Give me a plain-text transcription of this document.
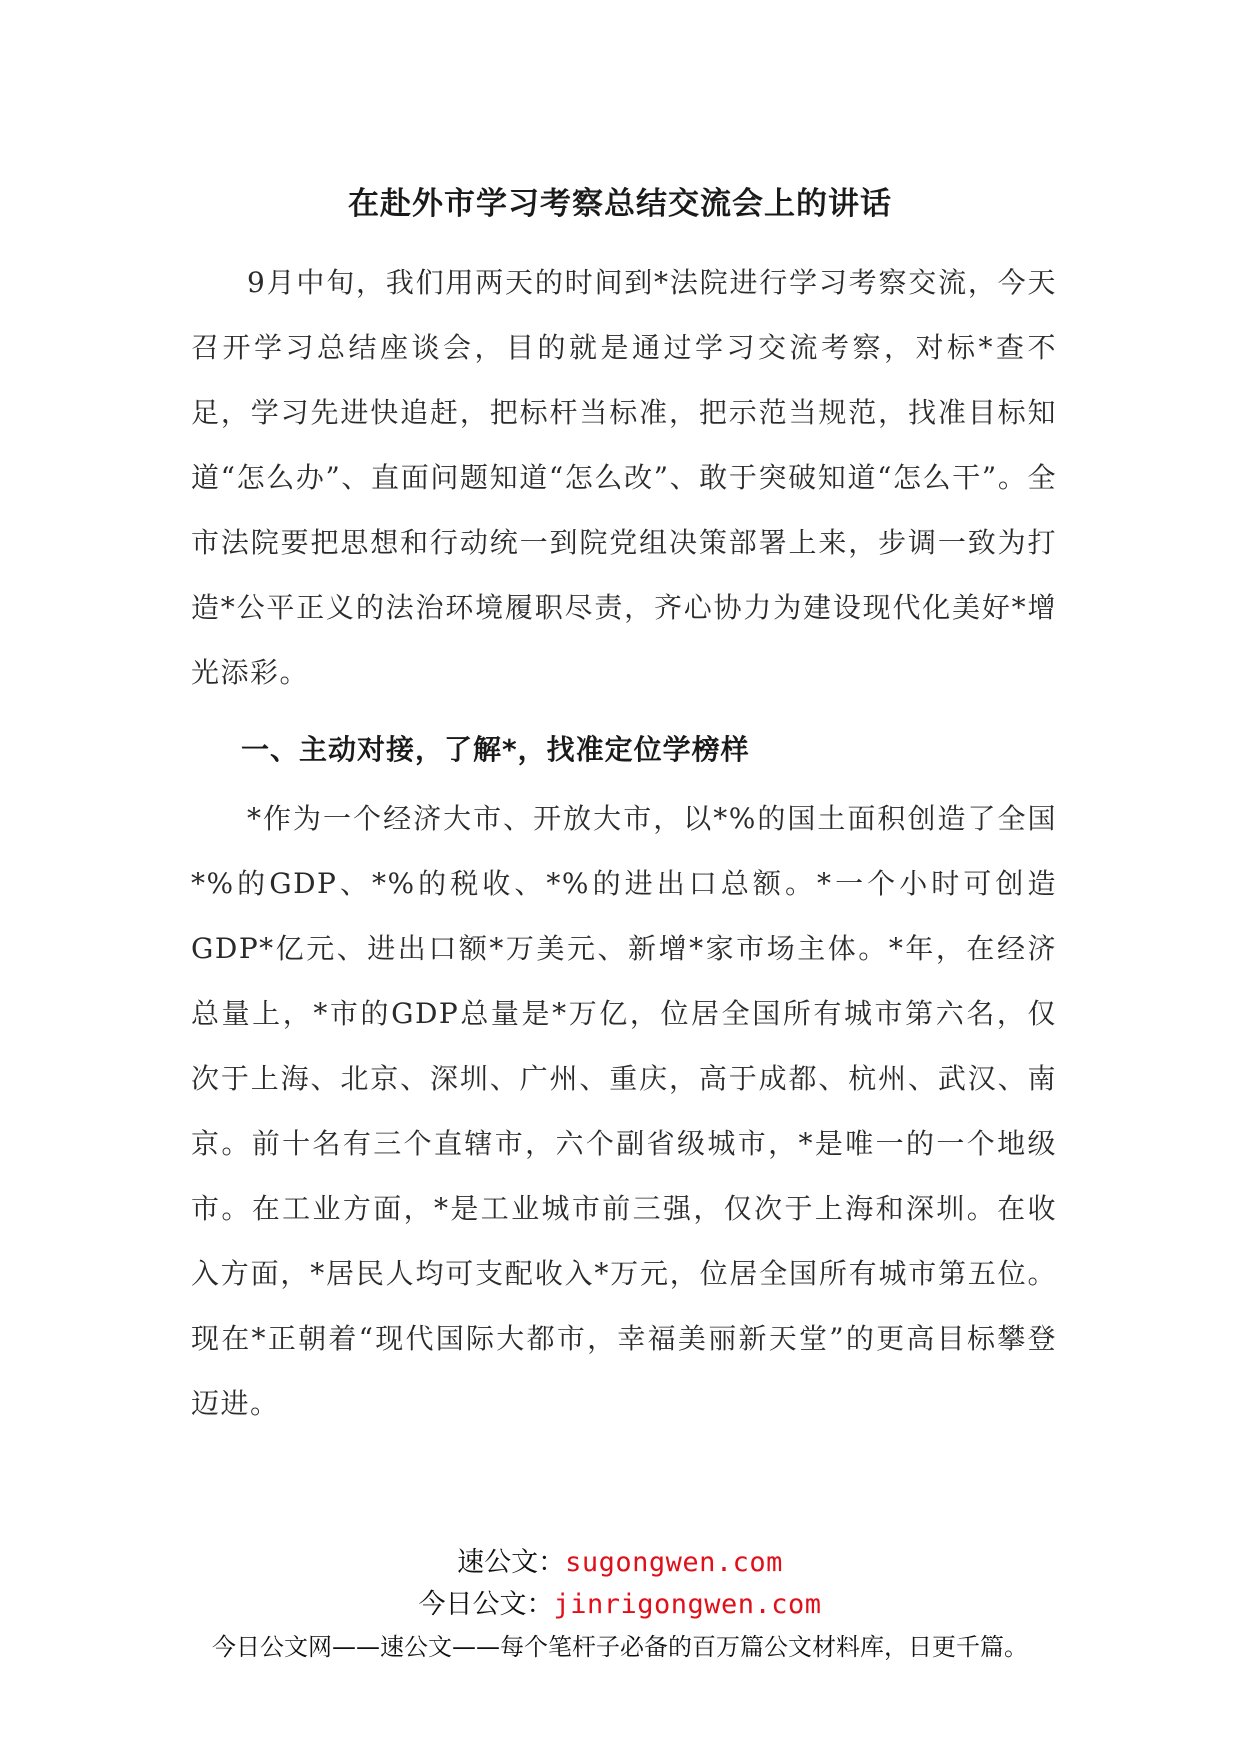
在赴外市学习考察总结交流会上的讲话

9月中旬，我们用两天的时间到*法院进行学习考察交流，今天召开学习总结座谈会，目的就是通过学习交流考察，对标*查不足，学习先进快追赶，把标杆当标准，把示范当规范，找准目标知道“怎么办”、直面问题知道“怎么改”、敢于突破知道“怎么干”。全市法院要把思想和行动统一到院党组决策部署上来，步调一致为打造*公平正义的法治环境履职尽责，齐心协力为建设现代化美好*增光添彩。

一、主动对接，了解*，找准定位学榜样

*作为一个经济大市、开放大市，以*%的国土面积创造了全国*%的GDP、*%的税收、*%的进出口总额。*一个小时可创造GDP*亿元、进出口额*万美元、新增*家市场主体。*年，在经济总量上，*市的GDP总量是*万亿，位居全国所有城市第六名，仅次于上海、北京、深圳、广州、重庆，高于成都、杭州、武汉、南京。前十名有三个直辖市，六个副省级城市，*是唯一的一个地级市。在工业方面，*是工业城市前三强，仅次于上海和深圳。在收入方面，*居民人均可支配收入*万元，位居全国所有城市第五位。现在*正朝着“现代国际大都市，幸福美丽新天堂”的更高目标攀登迈进。

速公文：sugongwen.com
今日公文：jinrigongwen.com
今日公文网——速公文——每个笔杆子必备的百万篇公文材料库，日更千篇。
